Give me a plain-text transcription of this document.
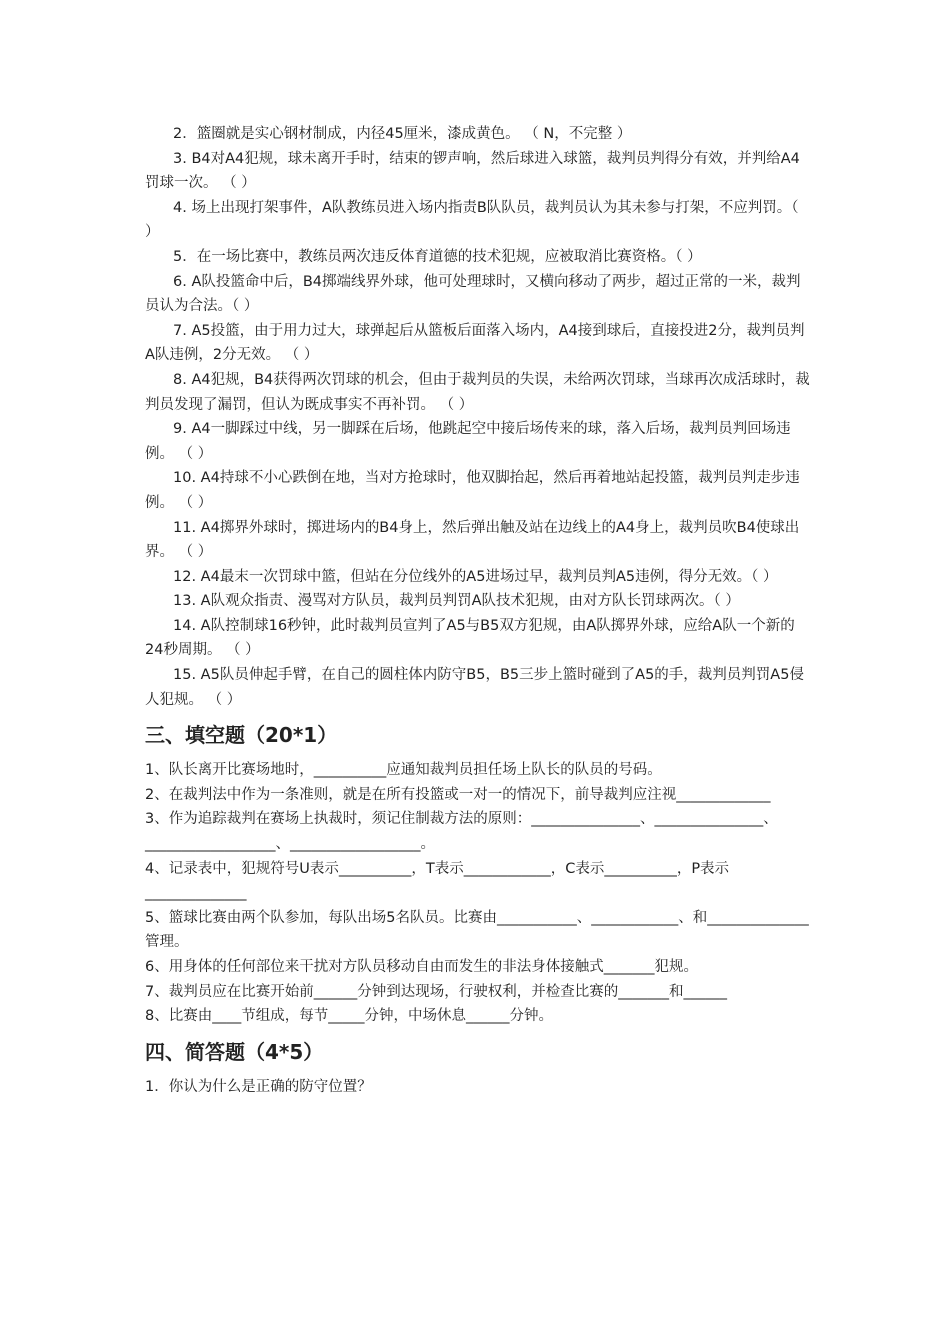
2．篮圈就是实心钢材制成，内径45厘米，漆成黄色。 （ N，不完整 ）

3. B4对A4犯规，球未离开手时，结束的锣声响，然后球进入球篮，裁判员判得分有效，并判给A4罚球一次。 （ ）

4. 场上出现打架事件，A队教练员进入场内指责B队队员，裁判员认为其未参与打架，不应判罚。（ ）

5．在一场比赛中，教练员两次违反体育道德的技术犯规，应被取消比赛资格。（ ）

6. A队投篮命中后，B4掷端线界外球，他可处理球时，又横向移动了两步，超过正常的一米，裁判员认为合法。（ ）

7. A5投篮，由于用力过大，球弹起后从篮板后面落入场内，A4接到球后，直接投进2分，裁判员判A队违例，2分无效。 （ ）

8. A4犯规，B4获得两次罚球的机会，但由于裁判员的失误，未给两次罚球，当球再次成活球时，裁判员发现了漏罚，但认为既成事实不再补罚。 （ ）

9. A4一脚踩过中线，另一脚踩在后场，他跳起空中接后场传来的球，落入后场，裁判员判回场违例。 （ ）

10. A4持球不小心跌倒在地，当对方抢球时，他双脚抬起，然后再着地站起投篮，裁判员判走步违例。 （ ）

11. A4掷界外球时，掷进场内的B4身上，然后弹出触及站在边线上的A4身上，裁判员吹B4使球出界。 （ ）

12. A4最末一次罚球中篮，但站在分位线外的A5进场过早，裁判员判A5违例，得分无效。（ ）

13. A队观众指责、漫骂对方队员，裁判员判罚A队技术犯规，由对方队长罚球两次。（ ）

14. A队控制球16秒钟，此时裁判员宣判了A5与B5双方犯规，由A队掷界外球，应给A队一个新的24秒周期。 （ ）

15. A5队员伸起手臂，在自己的圆柱体内防守B5，B5三步上篮时碰到了A5的手，裁判员判罚A5侵人犯规。 （ ）

三、填空题（20*1）

1、队长离开比赛场地时，__________应通知裁判员担任场上队长的队员的号码。

2、在裁判法中作为一条准则，就是在所有投篮或一对一的情况下，前导裁判应注视_____________

3、作为追踪裁判在赛场上执裁时，须记住制裁方法的原则：_______________、_______________、__________________、__________________。

4、记录表中，犯规符号U表示__________，T表示____________，C表示__________，P表示______________

5、篮球比赛由两个队参加，每队出场5名队员。比赛由___________、____________、和______________管理。

6、用身体的任何部位来干扰对方队员移动自由而发生的非法身体接触式_______犯规。

7、裁判员应在比赛开始前______分钟到达现场，行驶权利，并检查比赛的_______和______

8、比赛由____节组成，每节_____分钟，中场休息______分钟。

四、简答题（4*5）

1．你认为什么是正确的防守位置？
